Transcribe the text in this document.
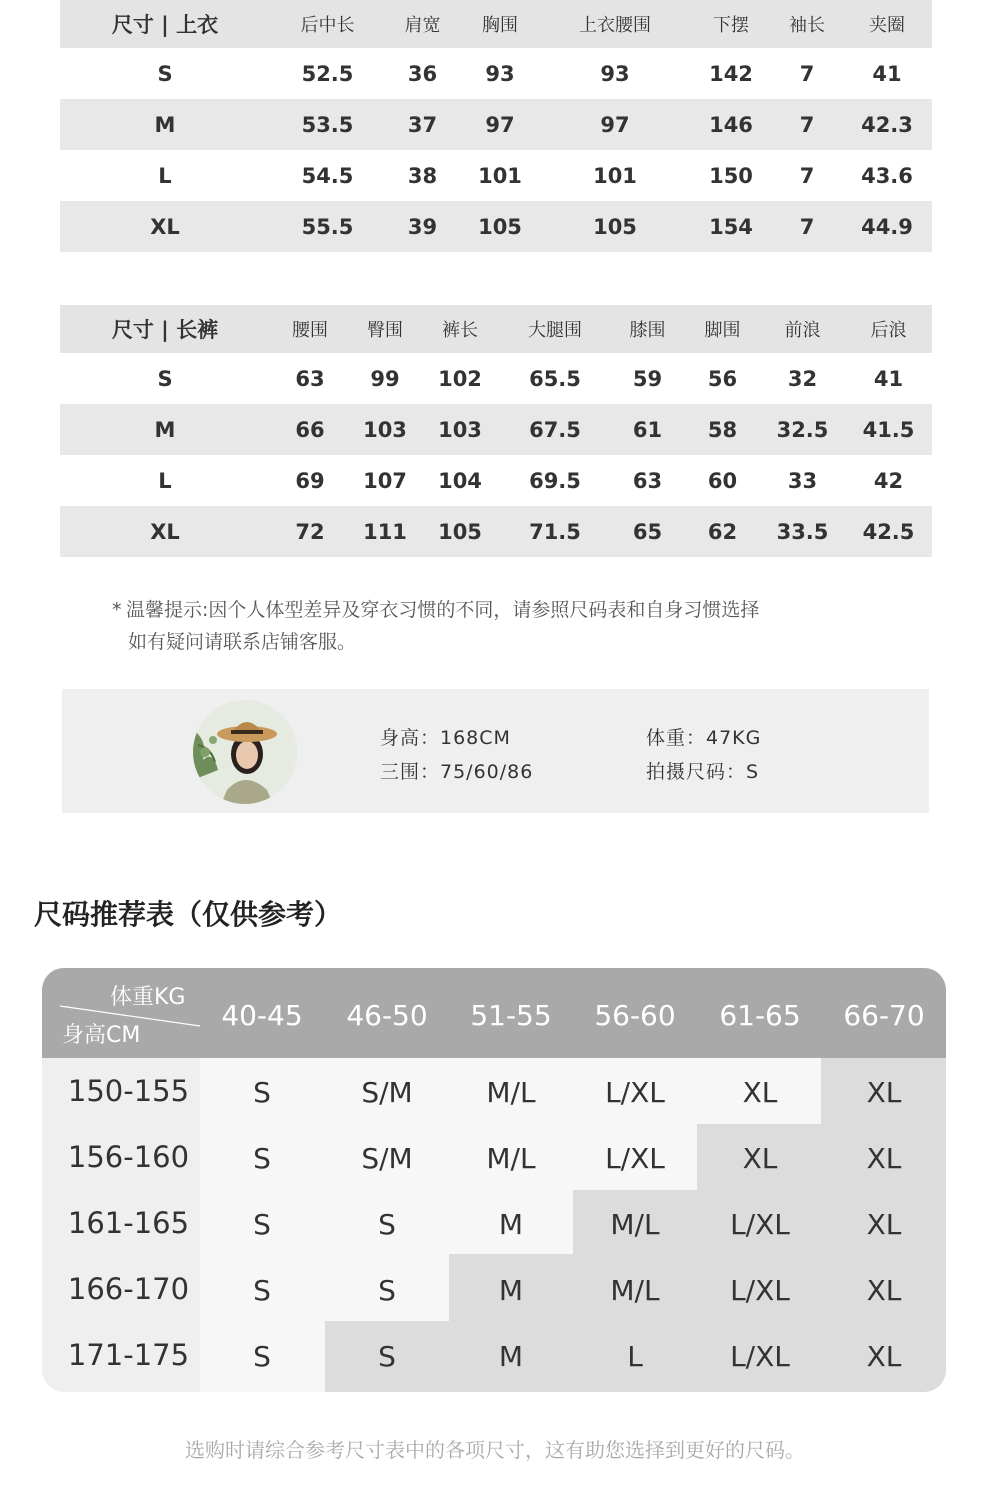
尺寸 | 上衣	后中长	肩宽	胸围	上衣腰围	下摆	袖长	夹圈
S	52.5	36	93	93	142	7	41
M	53.5	37	97	97	146	7	42.3
L	54.5	38	101	101	150	7	43.6
XL	55.5	39	105	105	154	7	44.9
尺寸 | 长裤	腰围	臀围	裤长	大腿围	膝围	脚围	前浪	后浪
S	63	99	102	65.5	59	56	32	41
M	66	103	103	67.5	61	58	32.5	41.5
L	69	107	104	69.5	63	60	33	42
XL	72	111	105	71.5	65	62	33.5	42.5
* 温馨提示:因个人体型差异及穿衣习惯的不同，请参照尺码表和自身习惯选择
如有疑问请联系店铺客服。
身高：168CM
三围：75/60/86
体重：47KG
拍摄尺码：S
尺码推荐表（仅供参考）
体重KG
身高CM
40-45	46-50	51-55	56-60	61-65	66-70
150-155	S	S/M	M/L	L/XL	XL	XL
156-160	S	S/M	M/L	L/XL	XL	XL
161-165	S	S	M	M/L	L/XL	XL
166-170	S	S	M	M/L	L/XL	XL
171-175	S	S	M	L	L/XL	XL
选购时请综合参考尺寸表中的各项尺寸，这有助您选择到更好的尺码。
